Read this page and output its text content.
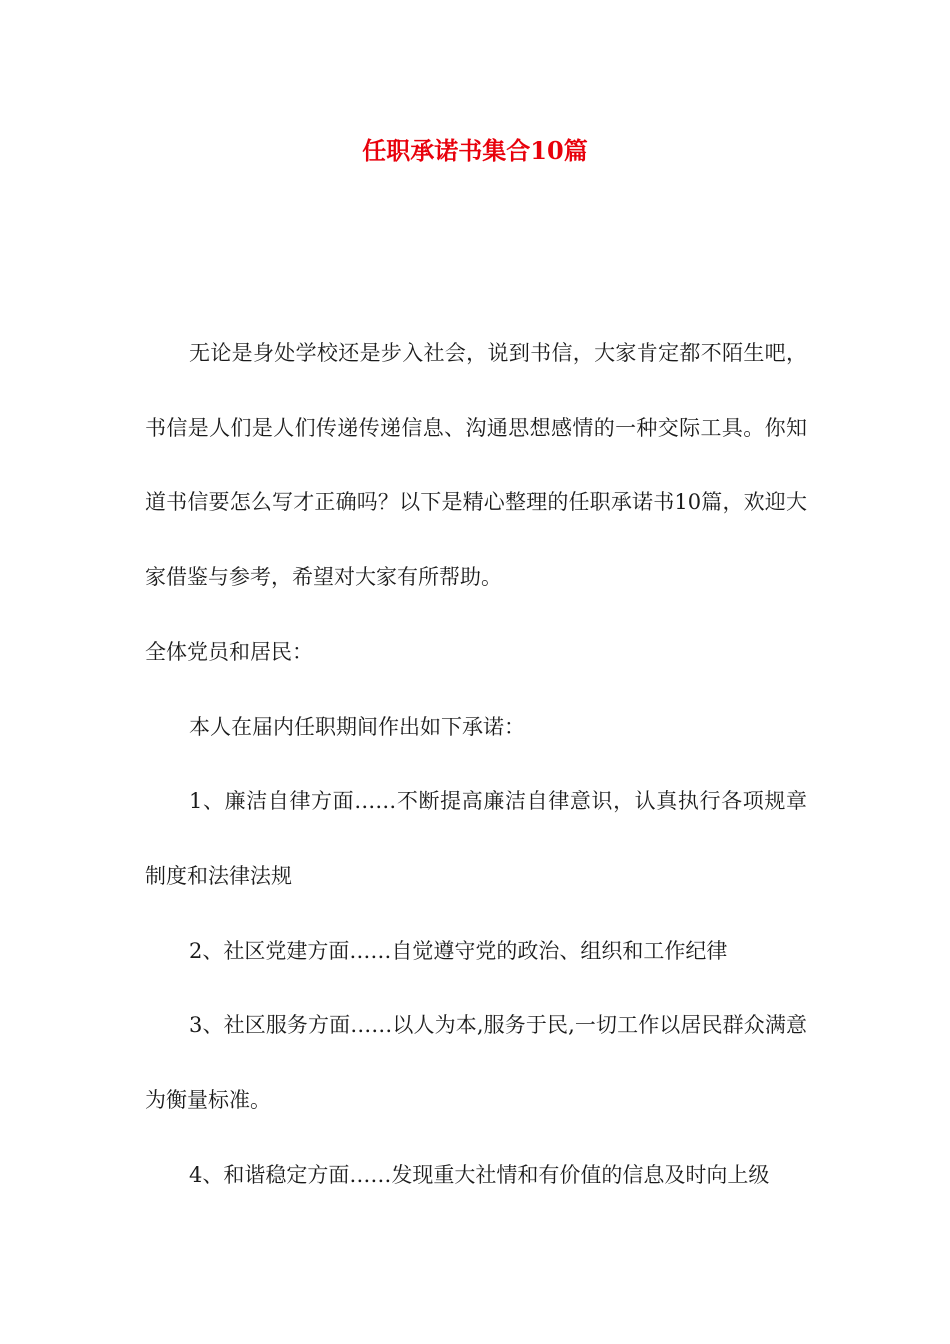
任职承诺书集合10篇

无论是身处学校还是步入社会，说到书信，大家肯定都不陌生吧，书信是人们是人们传递传递信息、沟通思想感情的一种交际工具。你知道书信要怎么写才正确吗？以下是精心整理的任职承诺书10篇，欢迎大家借鉴与参考，希望对大家有所帮助。

全体党员和居民：

本人在届内任职期间作出如下承诺：

1、廉洁自律方面……不断提高廉洁自律意识，认真执行各项规章制度和法律法规

2、社区党建方面……自觉遵守党的政治、组织和工作纪律

3、社区服务方面……以人为本,服务于民,一切工作以居民群众满意为衡量标准。

4、和谐稳定方面……发现重大社情和有价值的信息及时向上级
